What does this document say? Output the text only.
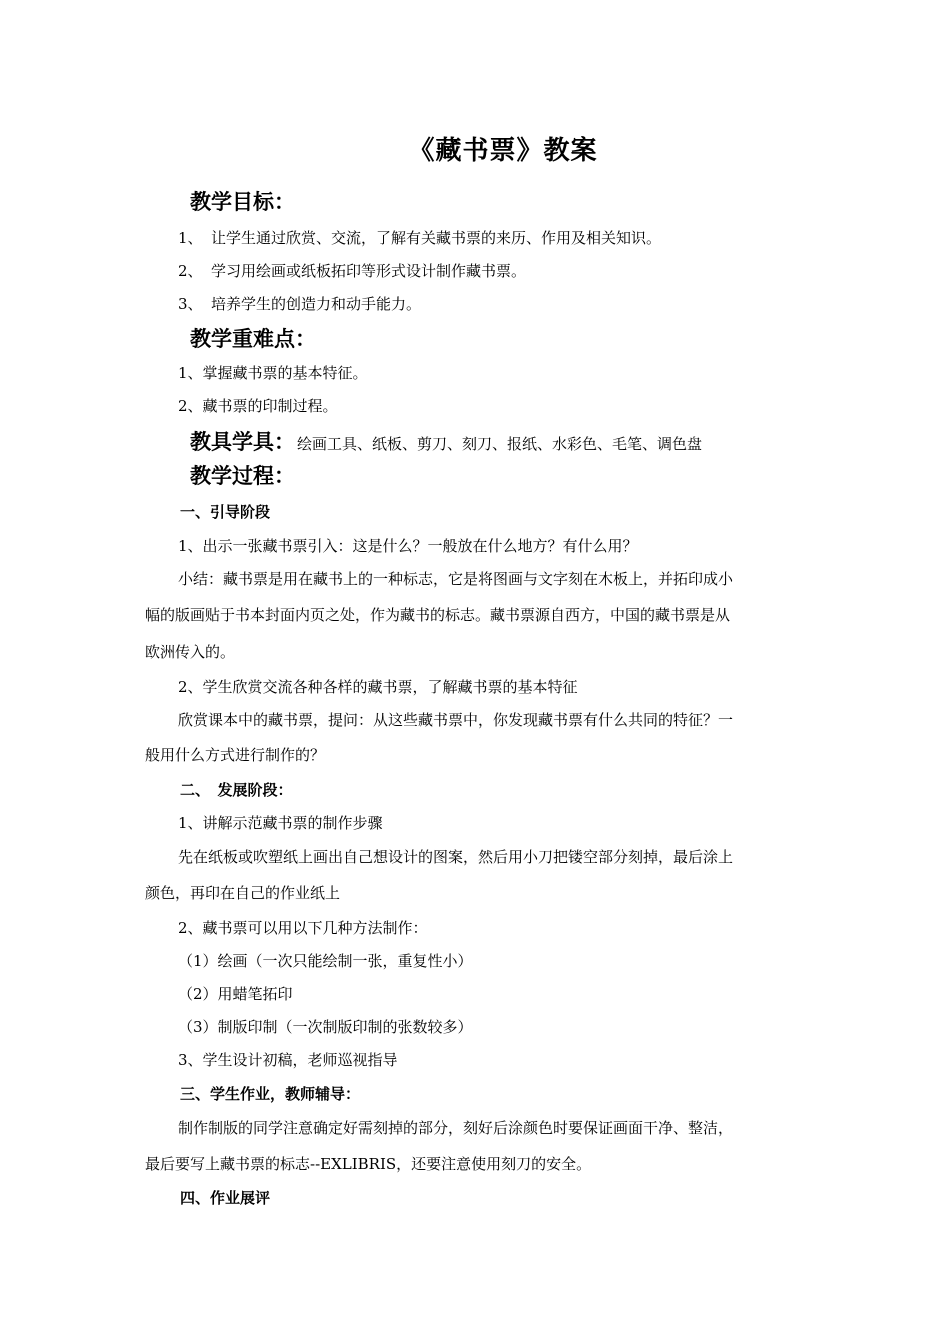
《藏书票》教案
教学目标：
1、 让学生通过欣赏、交流，了解有关藏书票的来历、作用及相关知识。
2、 学习用绘画或纸板拓印等形式设计制作藏书票。
3、 培养学生的创造力和动手能力。
教学重难点：
1、掌握藏书票的基本特征。
2、藏书票的印制过程。
教具学具： 绘画工具、纸板、剪刀、刻刀、报纸、水彩色、毛笔、调色盘
教学过程：
一、引导阶段
1、出示一张藏书票引入：这是什么？一般放在什么地方？有什么用？
小结：藏书票是用在藏书上的一种标志，它是将图画与文字刻在木板上，并拓印成小
幅的版画贴于书本封面内页之处，作为藏书的标志。藏书票源自西方，中国的藏书票是从
欧洲传入的。
2、学生欣赏交流各种各样的藏书票，了解藏书票的基本特征
欣赏课本中的藏书票，提问：从这些藏书票中，你发现藏书票有什么共同的特征？一
般用什么方式进行制作的？
二、　发展阶段：
1、讲解示范藏书票的制作步骤
先在纸板或吹塑纸上画出自己想设计的图案，然后用小刀把镂空部分刻掉，最后涂上
颜色，再印在自己的作业纸上
2、藏书票可以用以下几种方法制作：
（1）绘画（一次只能绘制一张，重复性小）
（2）用蜡笔拓印
（3）制版印制（一次制版印制的张数较多）
3、学生设计初稿，老师巡视指导
三、学生作业，教师辅导：
制作制版的同学注意确定好需刻掉的部分，刻好后涂颜色时要保证画面干净、整洁，
最后要写上藏书票的标志--EXLIBRIS，还要注意使用刻刀的安全。
四、作业展评
